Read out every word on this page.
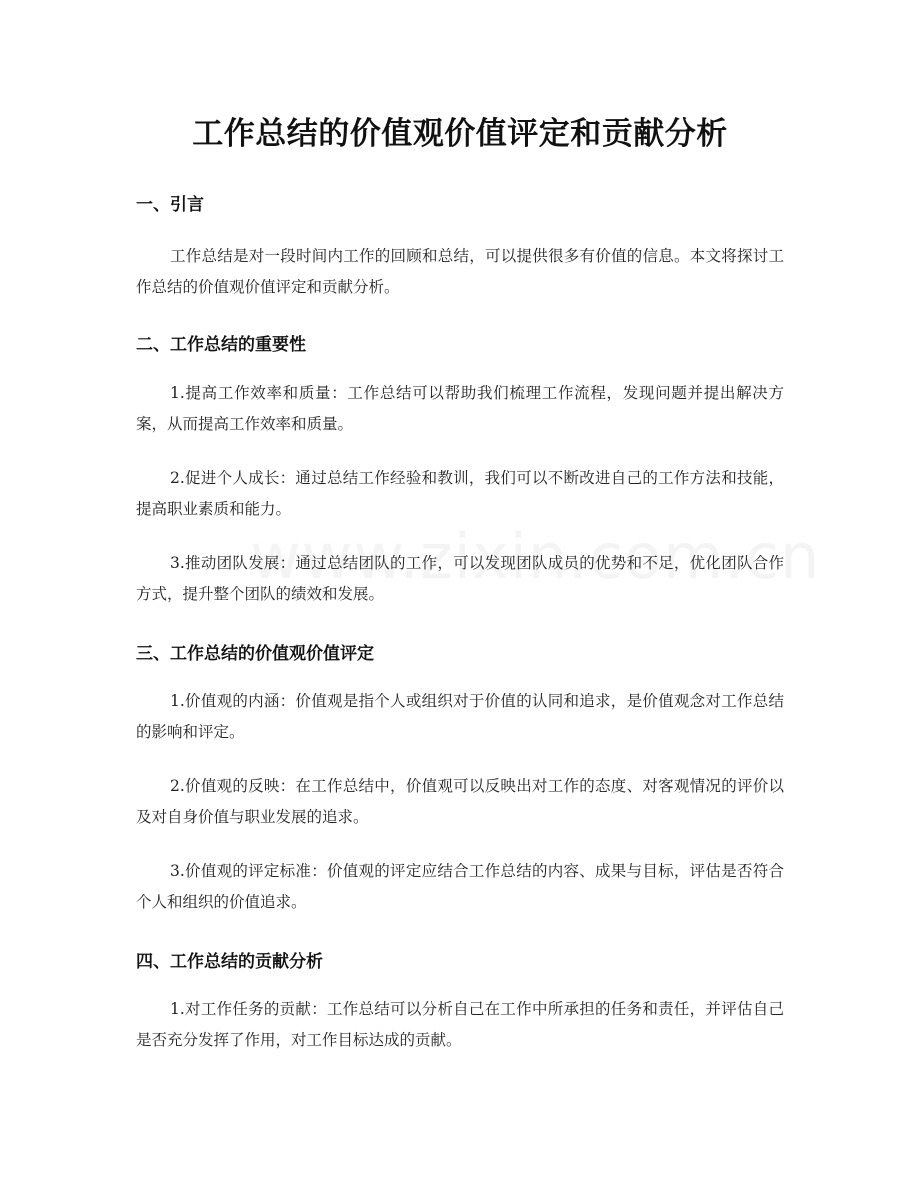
工作总结的价值观价值评定和贡献分析
一、引言

工作总结是对一段时间内工作的回顾和总结，可以提供很多有价值的信息。本文将探讨工作总结的价值观价值评定和贡献分析。

二、工作总结的重要性

1.提高工作效率和质量：工作总结可以帮助我们梳理工作流程，发现问题并提出解决方案，从而提高工作效率和质量。

2.促进个人成长：通过总结工作经验和教训，我们可以不断改进自己的工作方法和技能，提高职业素质和能力。

3.推动团队发展：通过总结团队的工作，可以发现团队成员的优势和不足，优化团队合作方式，提升整个团队的绩效和发展。

三、工作总结的价值观价值评定

1.价值观的内涵：价值观是指个人或组织对于价值的认同和追求，是价值观念对工作总结的影响和评定。

2.价值观的反映：在工作总结中，价值观可以反映出对工作的态度、对客观情况的评价以及对自身价值与职业发展的追求。

3.价值观的评定标准：价值观的评定应结合工作总结的内容、成果与目标，评估是否符合个人和组织的价值追求。

四、工作总结的贡献分析

1.对工作任务的贡献：工作总结可以分析自己在工作中所承担的任务和责任，并评估自己是否充分发挥了作用，对工作目标达成的贡献。
